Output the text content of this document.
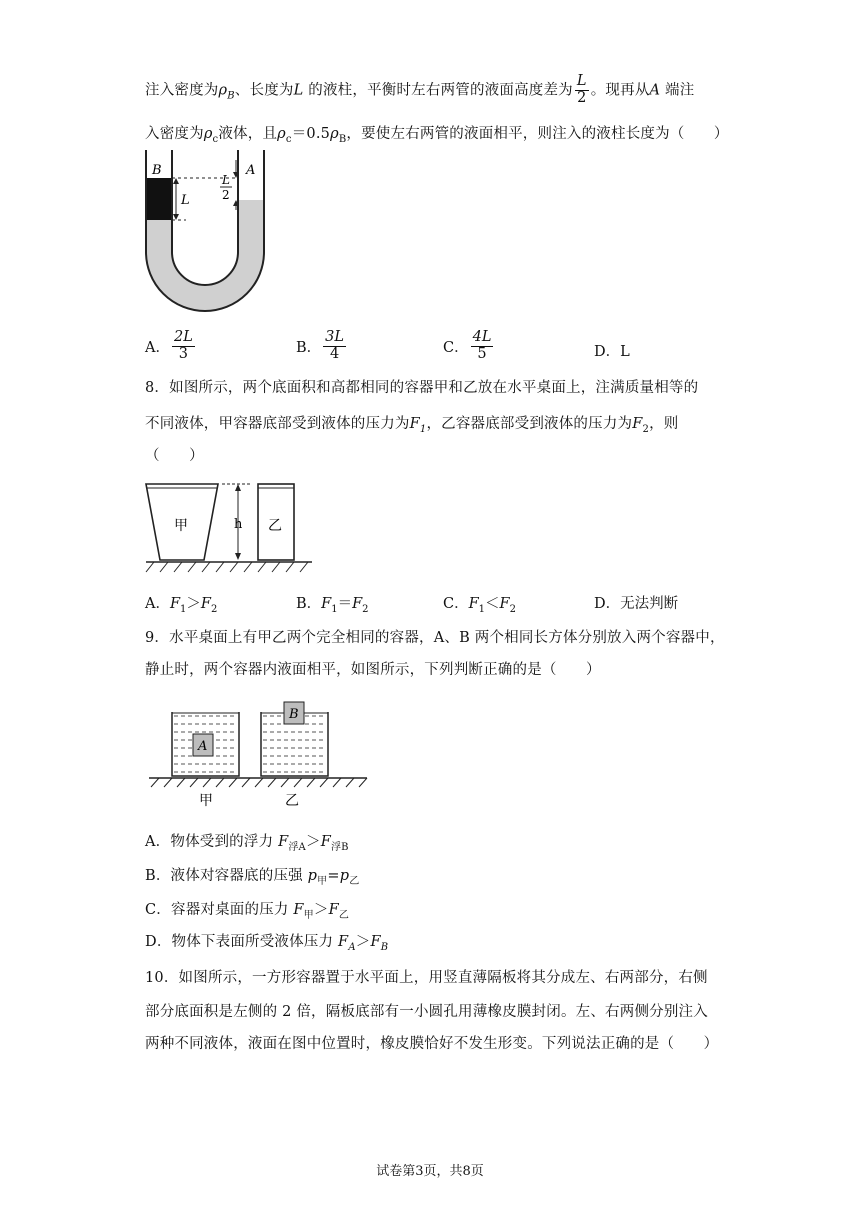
注入密度为$\rho_B$、长度为L 的液柱，平衡时左右两管的液面高度差为 $\frac{L}{2}$ 。现再从A 端注
入密度为$\rho_c$液体，且$\rho_c=0.5\rho_B$，要使左右两管的液面相平，则注入的液柱长度为（　　）
B	A
L
L
2
A． $\frac{2L}{3}$	B． $\frac{3L}{4}$	C． $\frac{4L}{5}$	D．L
8．如图所示，两个底面积和高都相同的容器甲和乙放在水平桌面上，注满质量相等的
不同液体，甲容器底部受到液体的压力为$F_1$，乙容器底部受到液体的压力为$F_2$，则
（　　）
甲	h 乙
A．$F_1>F_2$	B．$F_1=F_2$	C．$F_1<F_2$	D．无法判断
9．水平桌面上有甲乙两个完全相同的容器，A、B 两个相同长方体分别放入两个容器中，
静止时，两个容器内液面相平，如图所示，下列判断正确的是（　　）
A
B
甲	乙
A．物体受到的浮力 $F_{浮A}>F_{浮B}$
B．液体对容器底的压强 $p_甲=p_乙$
C．容器对桌面的压力 $F_甲>F_乙$
D．物体下表面所受液体压力 $F_A>F_B$
10．如图所示，一方形容器置于水平面上，用竖直薄隔板将其分成左、右两部分，右侧
部分底面积是左侧的 2 倍，隔板底部有一小圆孔用薄橡皮膜封闭。左、右两侧分别注入
两种不同液体，液面在图中位置时，橡皮膜恰好不发生形变。下列说法正确的是（　　）
试卷第3页，共8页
